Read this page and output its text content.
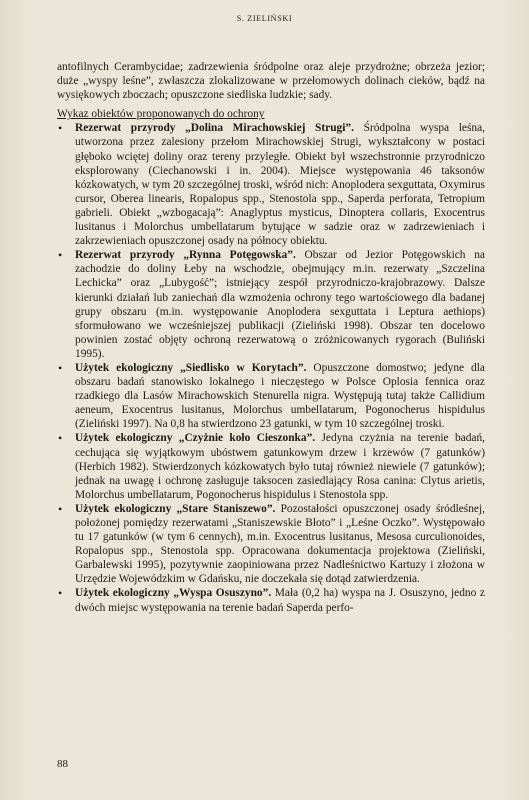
S. ZIELIŃSKI

antofilnych Cerambycidae; zadrzewienia śródpolne oraz aleje przydrożne; obrzeża jezior; duże „wyspy leśne”, zwłaszcza zlokalizowane w przełomowych dolinach cieków, bądź na wysiękowych zboczach; opuszczone siedliska ludzkie; sady.

Wykaz obiektów proponowanych do ochrony

• Rezerwat przyrody „Dolina Mirachowskiej Strugi”. Śródpolna wyspa leśna, utworzona przez zalesiony przełom Mirachowskiej Strugi, wykształcony w postaci głęboko wciętej doliny oraz tereny przyległe. Obiekt był wszechstronnie przyrodniczo eksplorowany (Ciechanowski i in. 2004). Miejsce występowania 46 taksonów kózkowatych, w tym 20 szczególnej troski, wśród nich: Anoplodera sexguttata, Oxymirus cursor, Oberea linearis, Ropalopus spp., Stenostola spp., Saperda perforata, Tetropium gabrieli. Obiekt „wzbogacają”: Anaglyptus mysticus, Dinoptera collaris, Exocentrus lusitanus i Molorchus umbellatarum bytujące w sadzie oraz w zadrzewieniach i zakrzewieniach opuszczonej osady na północy obiektu.
• Rezerwat przyrody „Rynna Potęgowska”. Obszar od Jezior Potęgowskich na zachodzie do doliny Łeby na wschodzie, obejmujący m.in. rezerwaty „Szczelina Lechicka” oraz „Lubygość”; istniejący zespół przyrodniczo-krajobrazowy. Dalsze kierunki działań lub zaniechań dla wzmożenia ochrony tego wartościowego dla badanej grupy obszaru (m.in. występowanie Anoplodera sexguttata i Leptura aethiops) sformułowano we wcześniejszej publikacji (Zieliński 1998). Obszar ten docelowo powinien zostać objęty ochroną rezerwatową o zróżnicowanych rygorach (Buliński 1995).
• Użytek ekologiczny „Siedlisko w Korytach”. Opuszczone domostwo; jedyne dla obszaru badań stanowisko lokalnego i nieczęstego w Polsce Oplosia fennica oraz rzadkiego dla Lasów Mirachowskich Stenurella nigra. Występują tutaj także Callidium aeneum, Exocentrus lusitanus, Molorchus umbellatarum, Pogonocherus hispidulus (Zieliński 1997). Na 0,8 ha stwierdzono 23 gatunki, w tym 10 szczególnej troski.
• Użytek ekologiczny „Czyżnie koło Cieszonka”. Jedyna czyżnia na terenie badań, cechująca się wyjątkowym ubóstwem gatunkowym drzew i krzewów (7 gatunków) (Herbich 1982). Stwierdzonych kózkowatych było tutaj również niewiele (7 gatunków); jednak na uwagę i ochronę zasługuje taksocen zasiedlający Rosa canina: Clytus arietis, Molorchus umbellatarum, Pogonocherus hispidulus i Stenostola spp.
• Użytek ekologiczny „Stare Staniszewo”. Pozostałości opuszczonej osady śródleśnej, położonej pomiędzy rezerwatami „Staniszewskie Błoto” i „Leśne Oczko”. Występowało tu 17 gatunków (w tym 6 cennych), m.in. Exocentrus lusitanus, Mesosa curculionoides, Ropalopus spp., Stenostola spp. Opracowana dokumentacja projektowa (Zieliński, Garbalewski 1995), pozytywnie zaopiniowana przez Nadleśnictwo Kartuzy i złożona w Urzędzie Wojewódzkim w Gdańsku, nie doczekała się dotąd zatwierdzenia.
• Użytek ekologiczny „Wyspa Osuszyno”. Mała (0,2 ha) wyspa na J. Osuszyno, jedno z dwóch miejsc występowania na terenie badań Saperda perfo-
88
